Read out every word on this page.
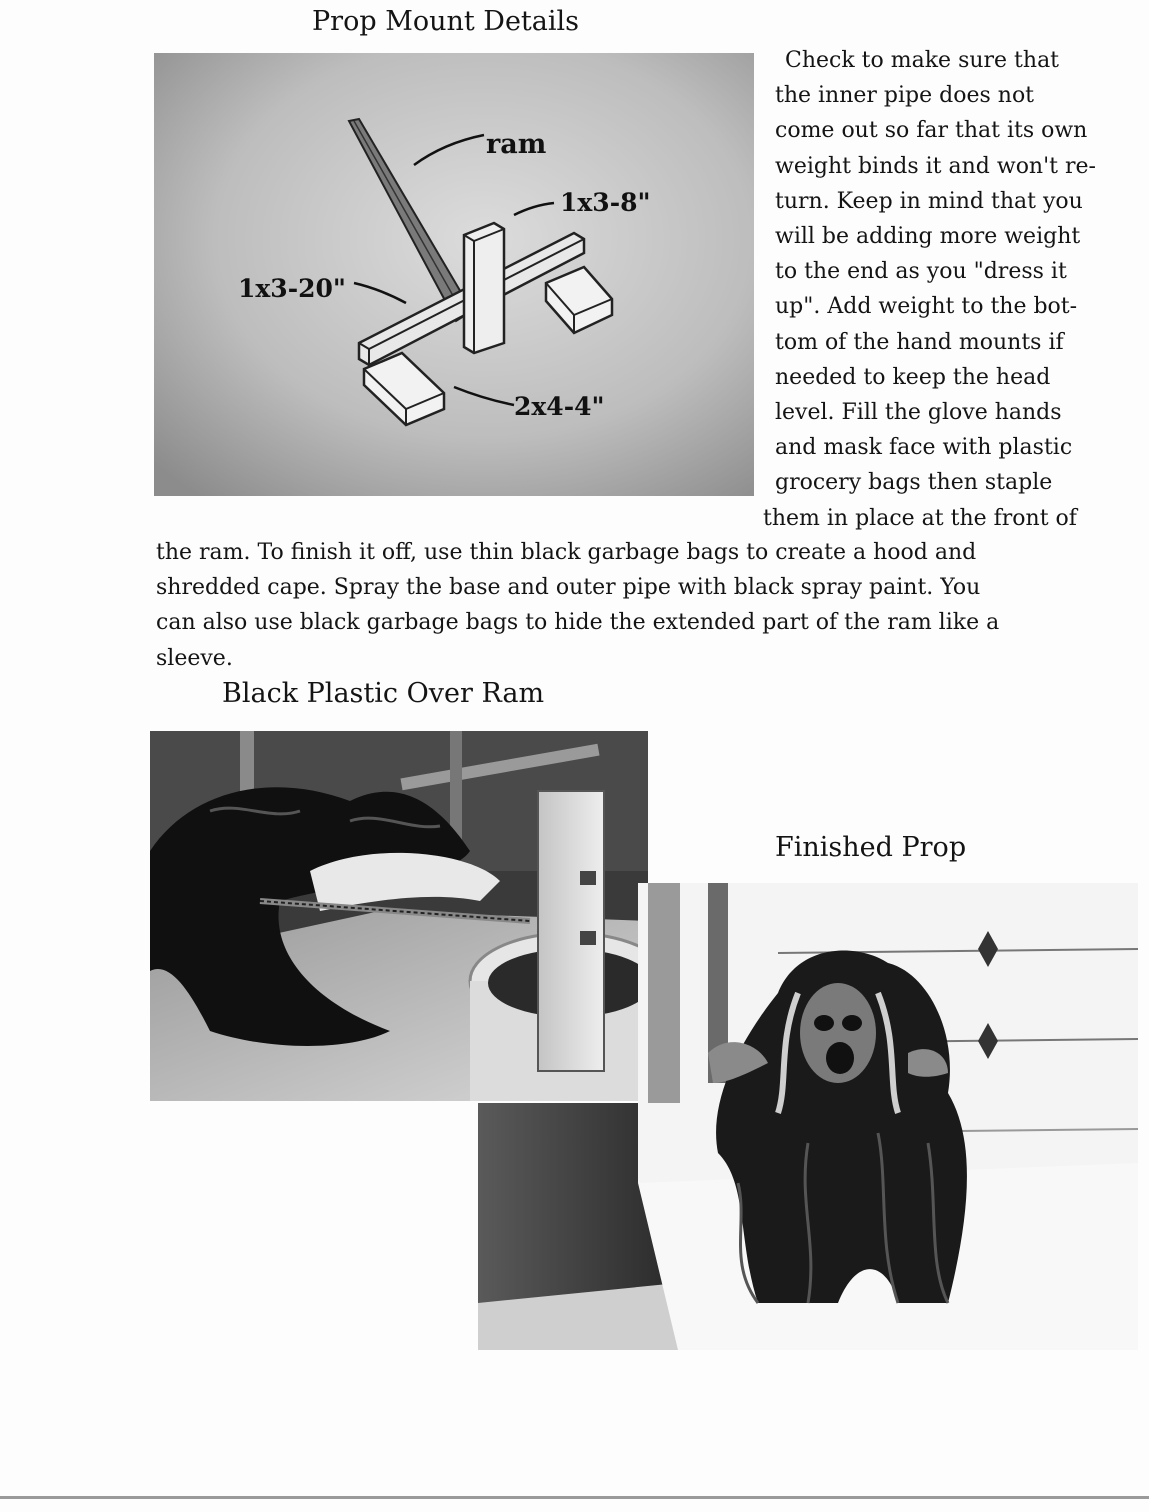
Prop Mount Details
ram
1x3-8"
1x3-20"
2x4-4"
Check to make sure that
the inner pipe does not
come out so far that its own
weight binds it and won't re-
turn. Keep in mind that you
will be adding more weight
to the end as you "dress it
up". Add weight to the bot-
tom of the hand mounts if
needed to keep the head
level. Fill the glove hands
and mask face with plastic
grocery bags then staple
them in place at the front of
the ram. To finish it off, use thin black garbage bags to create a hood and
shredded cape. Spray the base and outer pipe with black spray paint. You
can also use black garbage bags to hide the extended part of the ram like a
sleeve.
Black Plastic Over Ram
Finished Prop
